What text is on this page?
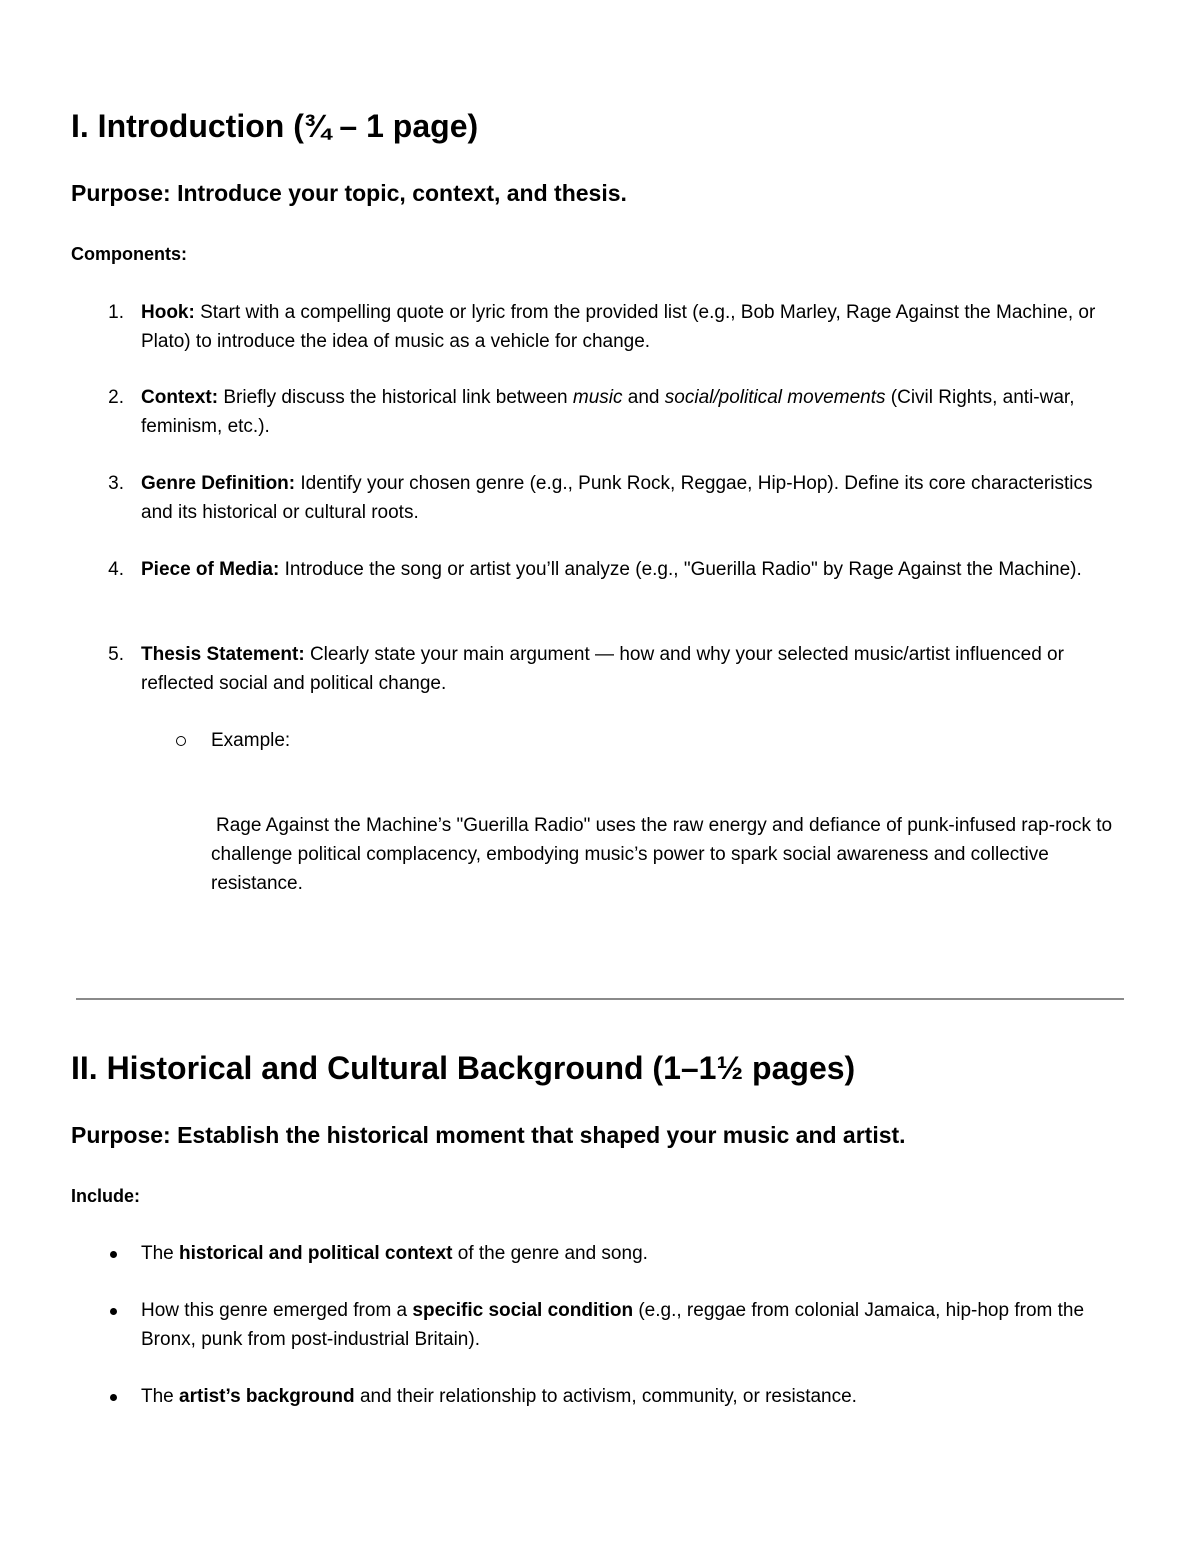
I. Introduction (¾ – 1 page)
Purpose: Introduce your topic, context, and thesis.
Components:
1. Hook: Start with a compelling quote or lyric from the provided list (e.g., Bob Marley, Rage Against the Machine, or Plato) to introduce the idea of music as a vehicle for change.
2. Context: Briefly discuss the historical link between music and social/political movements (Civil Rights, anti-war, feminism, etc.).
3. Genre Definition: Identify your chosen genre (e.g., Punk Rock, Reggae, Hip-Hop). Define its core characteristics and its historical or cultural roots.
4. Piece of Media: Introduce the song or artist you’ll analyze (e.g., "Guerilla Radio" by Rage Against the Machine).
5. Thesis Statement: Clearly state your main argument — how and why your selected music/artist influenced or reflected social and political change.
Example:
Rage Against the Machine’s "Guerilla Radio" uses the raw energy and defiance of punk-infused rap-rock to challenge political complacency, embodying music’s power to spark social awareness and collective resistance.
II. Historical and Cultural Background (1–1½ pages)
Purpose: Establish the historical moment that shaped your music and artist.
Include:
The historical and political context of the genre and song.
How this genre emerged from a specific social condition (e.g., reggae from colonial Jamaica, hip-hop from the Bronx, punk from post-industrial Britain).
The artist’s background and their relationship to activism, community, or resistance.
